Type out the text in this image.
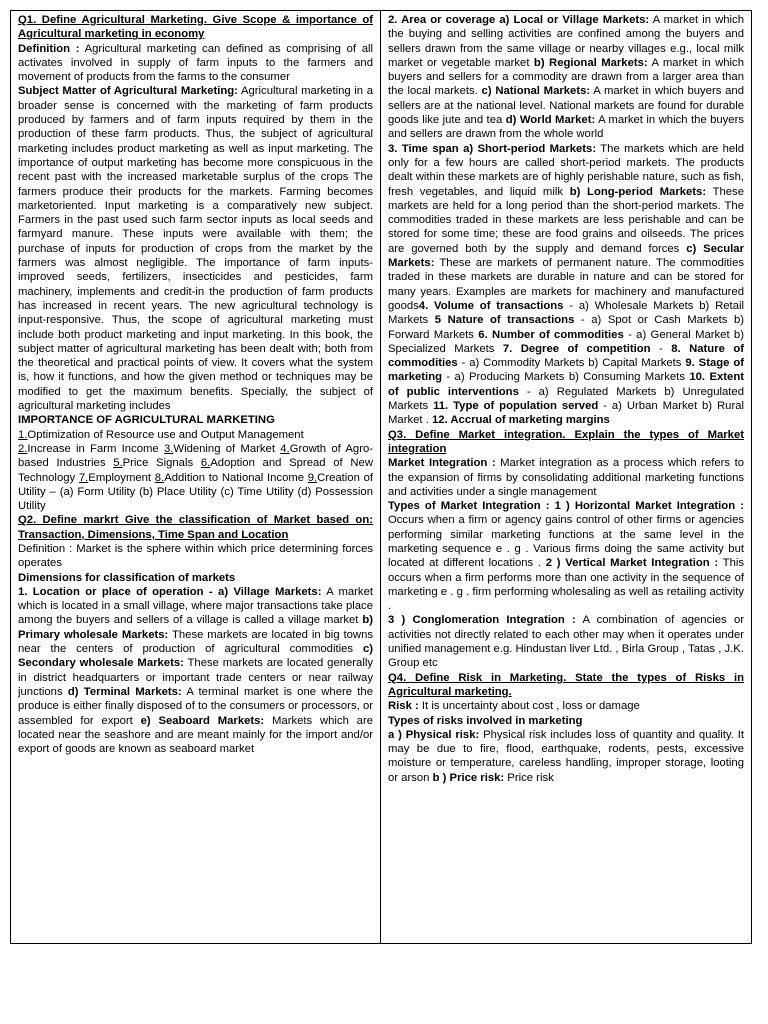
Q1. Define Agricultural Marketing. Give Scope & importance of Agricultural marketing in economy

Definition : Agricultural marketing can defined as comprising of all activates involved in supply of farm inputs to the farmers and movement of products from the farms to the consumer

Subject Matter of Agricultural Marketing: Agricultural marketing in a broader sense is concerned with the marketing of farm products produced by farmers and of farm inputs required by them in the production of these farm products. Thus, the subject of agricultural marketing includes product marketing as well as input marketing. The importance of output marketing has become more conspicuous in the recent past with the increased marketable surplus of the crops The farmers produce their products for the markets. Farming becomes marketoriented. Input marketing is a comparatively new subject. Farmers in the past used such farm sector inputs as local seeds and farmyard manure. These inputs were available with them; the purchase of inputs for production of crops from the market by the farmers was almost negligible. The importance of farm inputs-improved seeds, fertilizers, insecticides and pesticides, farm machinery, implements and credit-in the production of farm products has increased in recent years. The new agricultural technology is input-responsive. Thus, the scope of agricultural marketing must include both product marketing and input marketing. In this book, the subject matter of agricultural marketing has been dealt with; both from the theoretical and practical points of view. It covers what the system is, how it functions, and how the given method or techniques may be modified to get the maximum benefits. Specially, the subject of agricultural marketing includes

IMPORTANCE OF AGRICULTURAL MARKETING

1.Optimization of Resource use and Output Management
2.Increase in Farm Income 3.Widening of Market 4.Growth of Agro-based Industries 5.Price Signals 6.Adoption and Spread of New Technology 7.Employment 8.Addition to National Income 9.Creation of Utility – (a) Form Utility (b) Place Utility (c) Time Utility (d) Possession Utility

Q2. Define markrt Give the classification of Market based on: Transaction, Dimensions, Time Span and Location

Definition : Market is the sphere within which price determining forces operates

Dimensions for classification of markets

1. Location or place of operation - a) Village Markets: A market which is located in a small village, where major transactions take place among the buyers and sellers of a village is called a village market b) Primary wholesale Markets: These markets are located in big towns near the centers of production of agricultural commodities c) Secondary wholesale Markets: These markets are located generally in district headquarters or important trade centers or near railway junctions d) Terminal Markets: A terminal market is one where the produce is either finally disposed of to the consumers or processors, or assembled for export e) Seaboard Markets: Markets which are located near the seashore and are meant mainly for the import and/or export of goods are known as seaboard market

2. Area or coverage a) Local or Village Markets: A market in which the buying and selling activities are confined among the buyers and sellers drawn from the same village or nearby villages e.g., local milk market or vegetable market b) Regional Markets: A market in which buyers and sellers for a commodity are drawn from a larger area than the local markets. c) National Markets: A market in which buyers and sellers are at the national level. National markets are found for durable goods like jute and tea d) World Market: A market in which the buyers and sellers are drawn from the whole world

3. Time span a) Short-period Markets: The markets which are held only for a few hours are called short-period markets. The products dealt within these markets are of highly perishable nature, such as fish, fresh vegetables, and liquid milk b) Long-period Markets: These markets are held for a long period than the short-period markets. The commodities traded in these markets are less perishable and can be stored for some time; these are food grains and oilseeds. The prices are governed both by the supply and demand forces c) Secular Markets: These are markets of permanent nature. The commodities traded in these markets are durable in nature and can be stored for many years. Examples are markets for machinery and manufactured goods4. Volume of transactions - a) Wholesale Markets b) Retail Markets 5 Nature of transactions - a) Spot or Cash Markets b) Forward Markets 6. Number of commodities - a) General Market b) Specialized Markets 7. Degree of competition - 8. Nature of commodities - a) Commodity Markets b) Capital Markets 9. Stage of marketing - a) Producing Markets b) Consuming Markets 10. Extent of public interventions - a) Regulated Markets b) Unregulated Markets 11. Type of population served - a) Urban Market b) Rural Market . 12. Accrual of marketing margins

Q3. Define Market integration. Explain the types of Market integration

Market Integration : Market integration as a process which refers to the expansion of firms by consolidating additional marketing functions and activities under a single management

Types of Market Integration : 1 ) Horizontal Market Integration : Occurs when a firm or agency gains control of other firms or agencies performing similar marketing functions at the same level in the marketing sequence e . g . Various firms doing the same activity but located at different locations . 2 ) Vertical Market Integration : This occurs when a firm performs more than one activity in the sequence of marketing e . g . firm performing wholesaling as well as retailing activity .

3 ) Conglomeration Integration : A combination of agencies or activities not directly related to each other may when it operates under unified management e.g. Hindustan liver Ltd. , Birla Group , Tatas , J.K. Group etc

Q4. Define Risk in Marketing. State the types of Risks in Agricultural marketing.

Risk : It is uncertainty about cost , loss or damage

Types of risks involved in marketing

a ) Physical risk: Physical risk includes loss of quantity and quality. It may be due to fire, flood, earthquake, rodents, pests, excessive moisture or temperature, careless handling, improper storage, looting or arson b ) Price risk: Price risk
